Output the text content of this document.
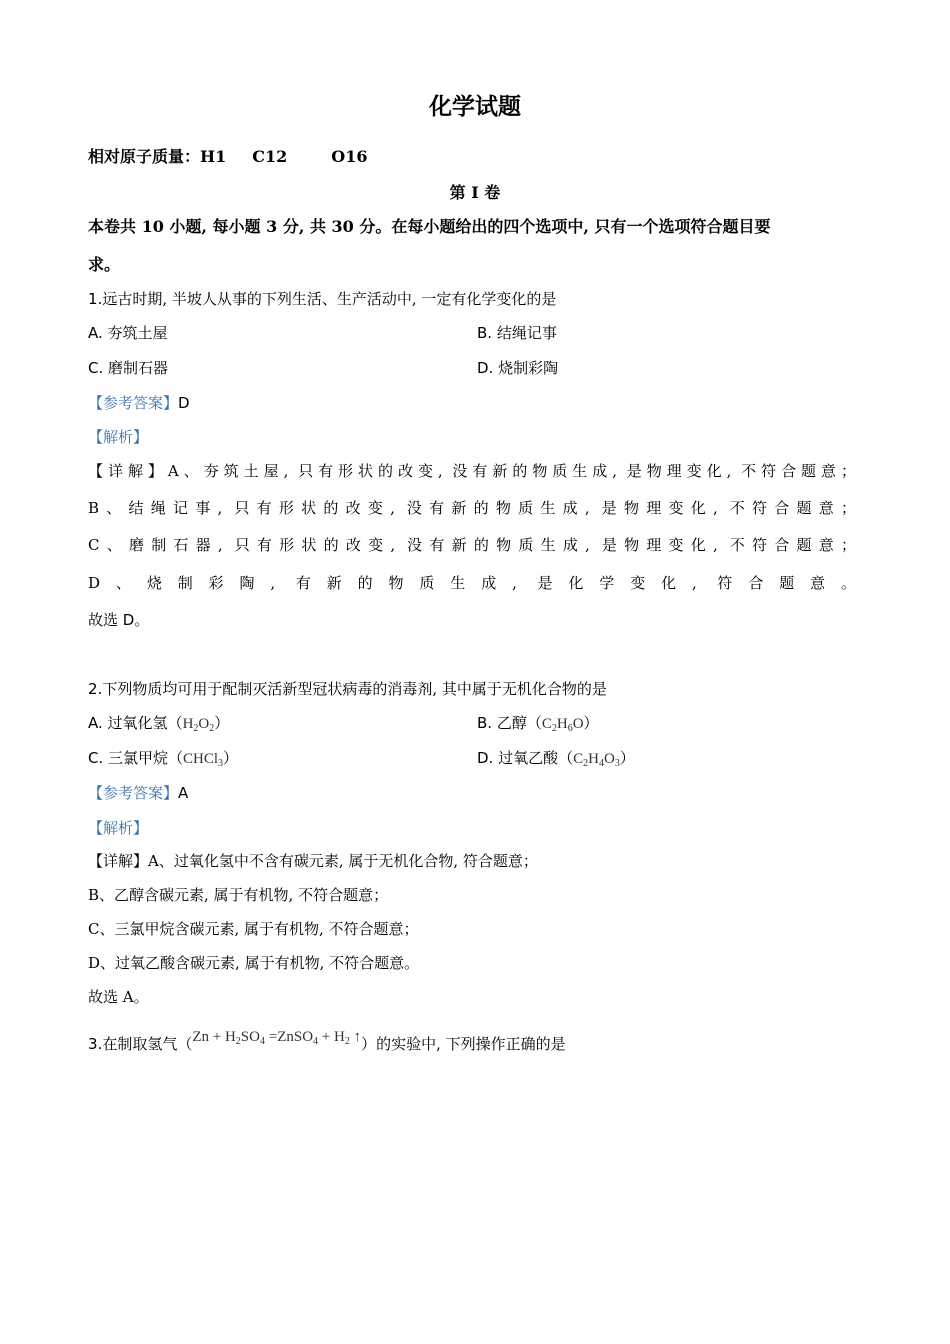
化学试题
相对原子质量：H1 C12	O16
第 I 卷
本卷共 10 小题, 每小题 3 分, 共 30 分。在每小题给出的四个选项中, 只有一个选项符合题目要
求。
1.远古时期, 半坡人从事的下列生活、生产活动中, 一定有化学变化的是
A. 夯筑土屋	B. 结绳记事
C. 磨制石器	D. 烧制彩陶
【参考答案】D
【解析】
【详解】A、夯筑土屋, 只有形状的改变, 没有新的物质生成, 是物理变化, 不符合题意；
B、结绳记事, 只有形状的改变, 没有新的物质生成, 是物理变化, 不符合题意；
C、磨制石器, 只有形状的改变, 没有新的物质生成, 是物理变化, 不符合题意；
D、烧制彩陶, 有新的物质生成, 是化学变化, 符合题意。
故选 D。
2.下列物质均可用于配制灭活新型冠状病毒的消毒剂, 其中属于无机化合物的是
A. 过氧化氢$(H_2O_2)$	B. 乙醇$(C_2H_6O)$
C. 三氯甲烷（CHCl$_3$）	D. 过氧乙酸$(C_2H_4O_3)$
【参考答案】A
【解析】
【详解】A、过氧化氢中不含有碳元素, 属于无机化合物, 符合题意；
B、乙醇含碳元素, 属于有机物, 不符合题意；
C、三氯甲烷含碳元素, 属于有机物, 不符合题意；
D、过氧乙酸含碳元素, 属于有机物, 不符合题意。
故选 A。
3.在制取氢气（$Zn + H_2SO_4$ =ZnSO$_4$ + $H_2$ ↑）的实验中, 下列操作正确的是
